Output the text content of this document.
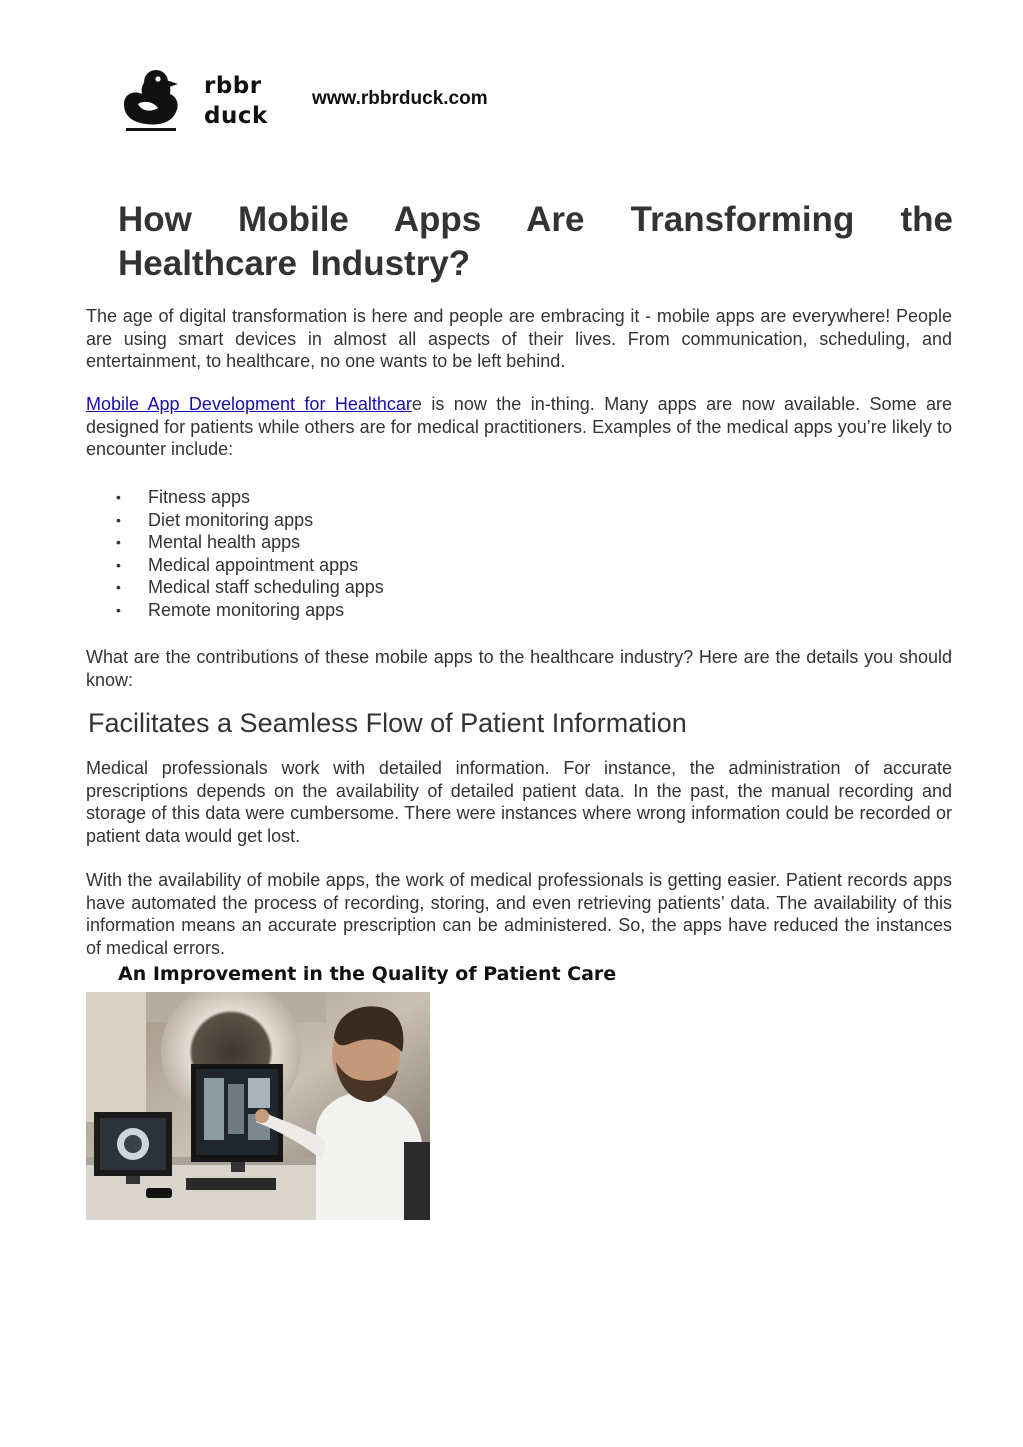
rbbr
duck
www.rbbrduck.com
How Mobile Apps Are Transforming the Healthcare Industry?

The age of digital transformation is here and people are embracing it - mobile apps are everywhere! People are using smart devices in almost all aspects of their lives. From communication, scheduling, and entertainment, to healthcare, no one wants to be left behind.

Mobile App Development for Healthcare is now the in-thing. Many apps are now available. Some are designed for patients while others are for medical practitioners. Examples of the medical apps you’re likely to encounter include:

• Fitness apps
• Diet monitoring apps
• Mental health apps
• Medical appointment apps
• Medical staff scheduling apps
• Remote monitoring apps

What are the contributions of these mobile apps to the healthcare industry? Here are the details you should know:

Facilitates a Seamless Flow of Patient Information

Medical professionals work with detailed information. For instance, the administration of accurate prescriptions depends on the availability of detailed patient data. In the past, the manual recording and storage of this data were cumbersome. There were instances where wrong information could be recorded or patient data would get lost.

With the availability of mobile apps, the work of medical professionals is getting easier. Patient records apps have automated the process of recording, storing, and even retrieving patients’ data. The availability of this information means an accurate prescription can be administered. So, the apps have reduced the instances of medical errors.

An Improvement in the Quality of Patient Care
